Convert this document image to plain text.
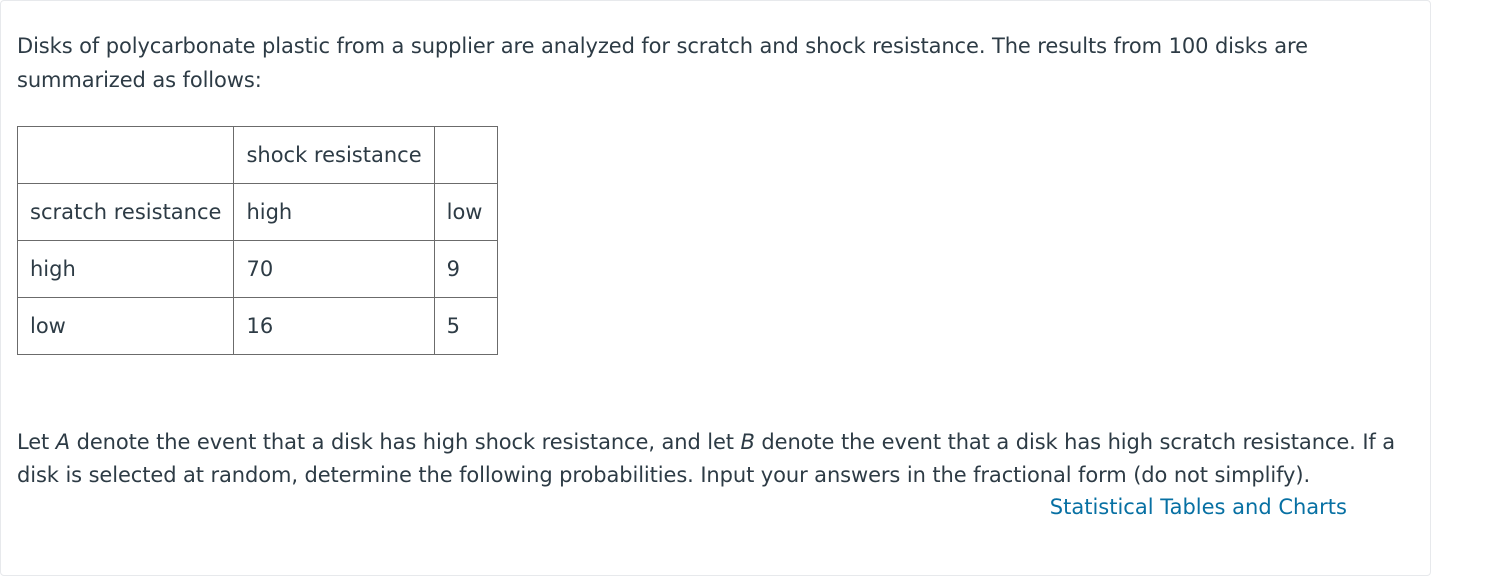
Disks of polycarbonate plastic from a supplier are analyzed for scratch and shock resistance. The results from 100 disks are summarized as follows:

	shock resistance	
scratch resistance	high	low
high	70	9
low	16	5

Let A denote the event that a disk has high shock resistance, and let B denote the event that a disk has high scratch resistance. If a disk is selected at random, determine the following probabilities. Input your answers in the fractional form (do not simplify).

Statistical Tables and Charts
